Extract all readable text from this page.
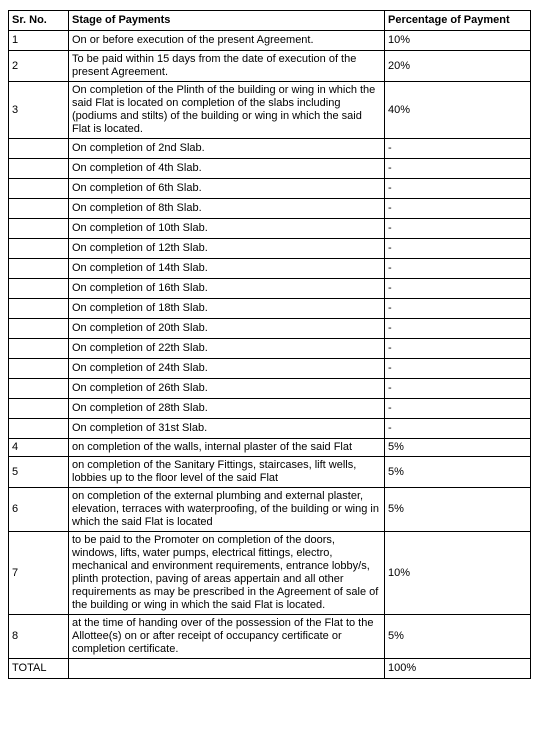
Sr. No.	Stage of Payments	Percentage of Payment
1	On or before execution of the present Agreement.	10%
2	To be paid within 15 days from the date of execution of the present Agreement.	20%
3	On completion of the Plinth of the building or wing in which the said Flat is located on completion of the slabs including (podiums and stilts) of the building or wing in which the said Flat is located.	40%
	On completion of 2nd Slab.	-
	On completion of 4th Slab.	-
	On completion of 6th Slab.	-
	On completion of 8th Slab.	-
	On completion of 10th Slab.	-
	On completion of 12th Slab.	-
	On completion of 14th Slab.	-
	On completion of 16th Slab.	-
	On completion of 18th Slab.	-
	On completion of 20th Slab.	-
	On completion of 22th Slab.	-
	On completion of 24th Slab.	-
	On completion of 26th Slab.	-
	On completion of 28th Slab.	-
	On completion of 31st Slab.	-
4	on completion of the walls, internal plaster of the said Flat	5%
5	on completion of the Sanitary Fittings, staircases, lift wells, lobbies up to the floor level of the said Flat	5%
6	on completion of the external plumbing and external plaster, elevation, terraces with waterproofing, of the building or wing in which the said Flat is located	5%
7	to be paid to the Promoter on completion of the doors, windows, lifts, water pumps, electrical fittings, electro, mechanical and environment requirements, entrance lobby/s, plinth protection, paving of areas appertain and all other requirements as may be prescribed in the Agreement of sale of the building or wing in which the said Flat is located.	10%
8	at the time of handing over of the possession of the Flat to the Allottee(s) on or after receipt of occupancy certificate or completion certificate.	5%
TOTAL		100%
